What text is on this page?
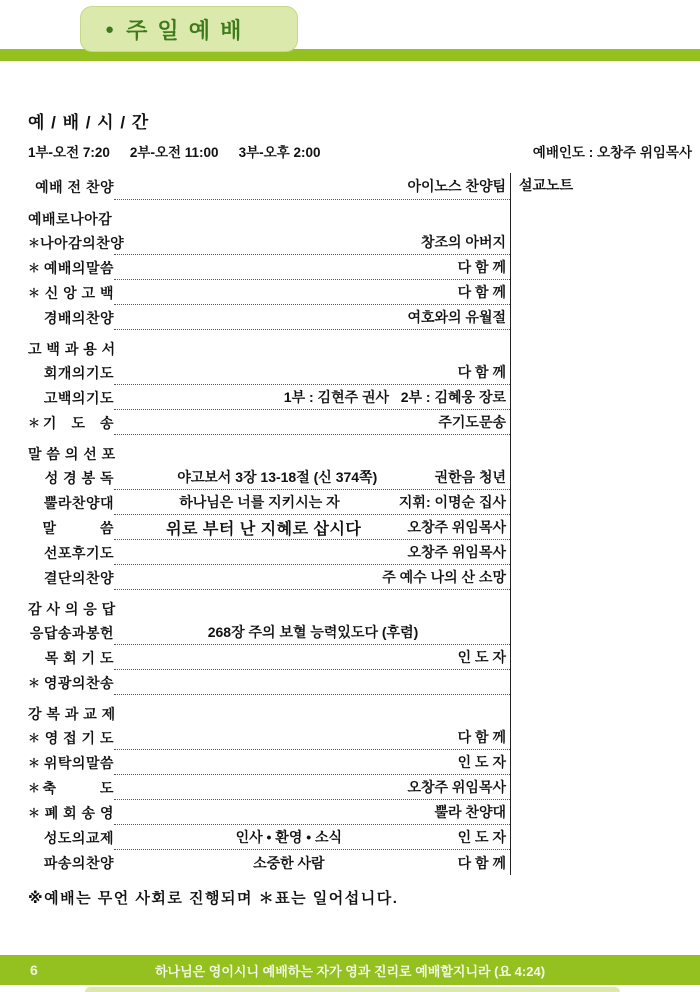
● 주 일 예 배
예 / 배 / 시 / 간
1부-오전 7:20 2부-오전 11:00 3부-오후 2:00	예배인도 : 오창주 위임목사
예배 전 찬양	아이노스 찬양팀
예배로나아감
＊ 나아감의찬양	창조의 아버지
＊ 예배의말씀	다 함 께
＊ 신 앙 고 백	다 함 께
경배의찬양	여호와의 유월절
고 백 과 용 서
회개의기도	다 함 께
고백의기도	1부 : 김현주 권사   2부 : 김혜웅 장로
＊ 기　도　송	주기도문송
말 씀 의 선 포
성 경 봉 독	야고보서 3장 13-18절 (신 374쪽)	권한음 청년
뿔라찬양대	하나님은 너를 지키시는 자	지휘: 이명순 집사
말　　　씀	위로 부터 난 지혜로 삽시다	오창주 위임목사
선포후기도	오창주 위임목사
결단의찬양	주 예수 나의 산 소망
감 사 의 응 답
응답송과봉헌	268장 주의 보혈 능력있도다 (후렴)
목 회 기 도	인 도 자
＊ 영광의찬송
강 복 과 교 제
＊ 영 접 기 도	다 함 께
＊ 위탁의말씀	인 도 자
＊ 축　　　도	오창주 위임목사
＊ 폐 회 송 영	뿔라 찬양대
성도의교제	인사 • 환영 • 소식	인 도 자
파송의찬양	소중한 사람	다 함 께
설교노트
※예배는 무언 사회로 진행되며 ＊표는 일어섭니다.
6	하나님은 영이시니 예배하는 자가 영과 진리로 예배할지니라 (요 4:24)
